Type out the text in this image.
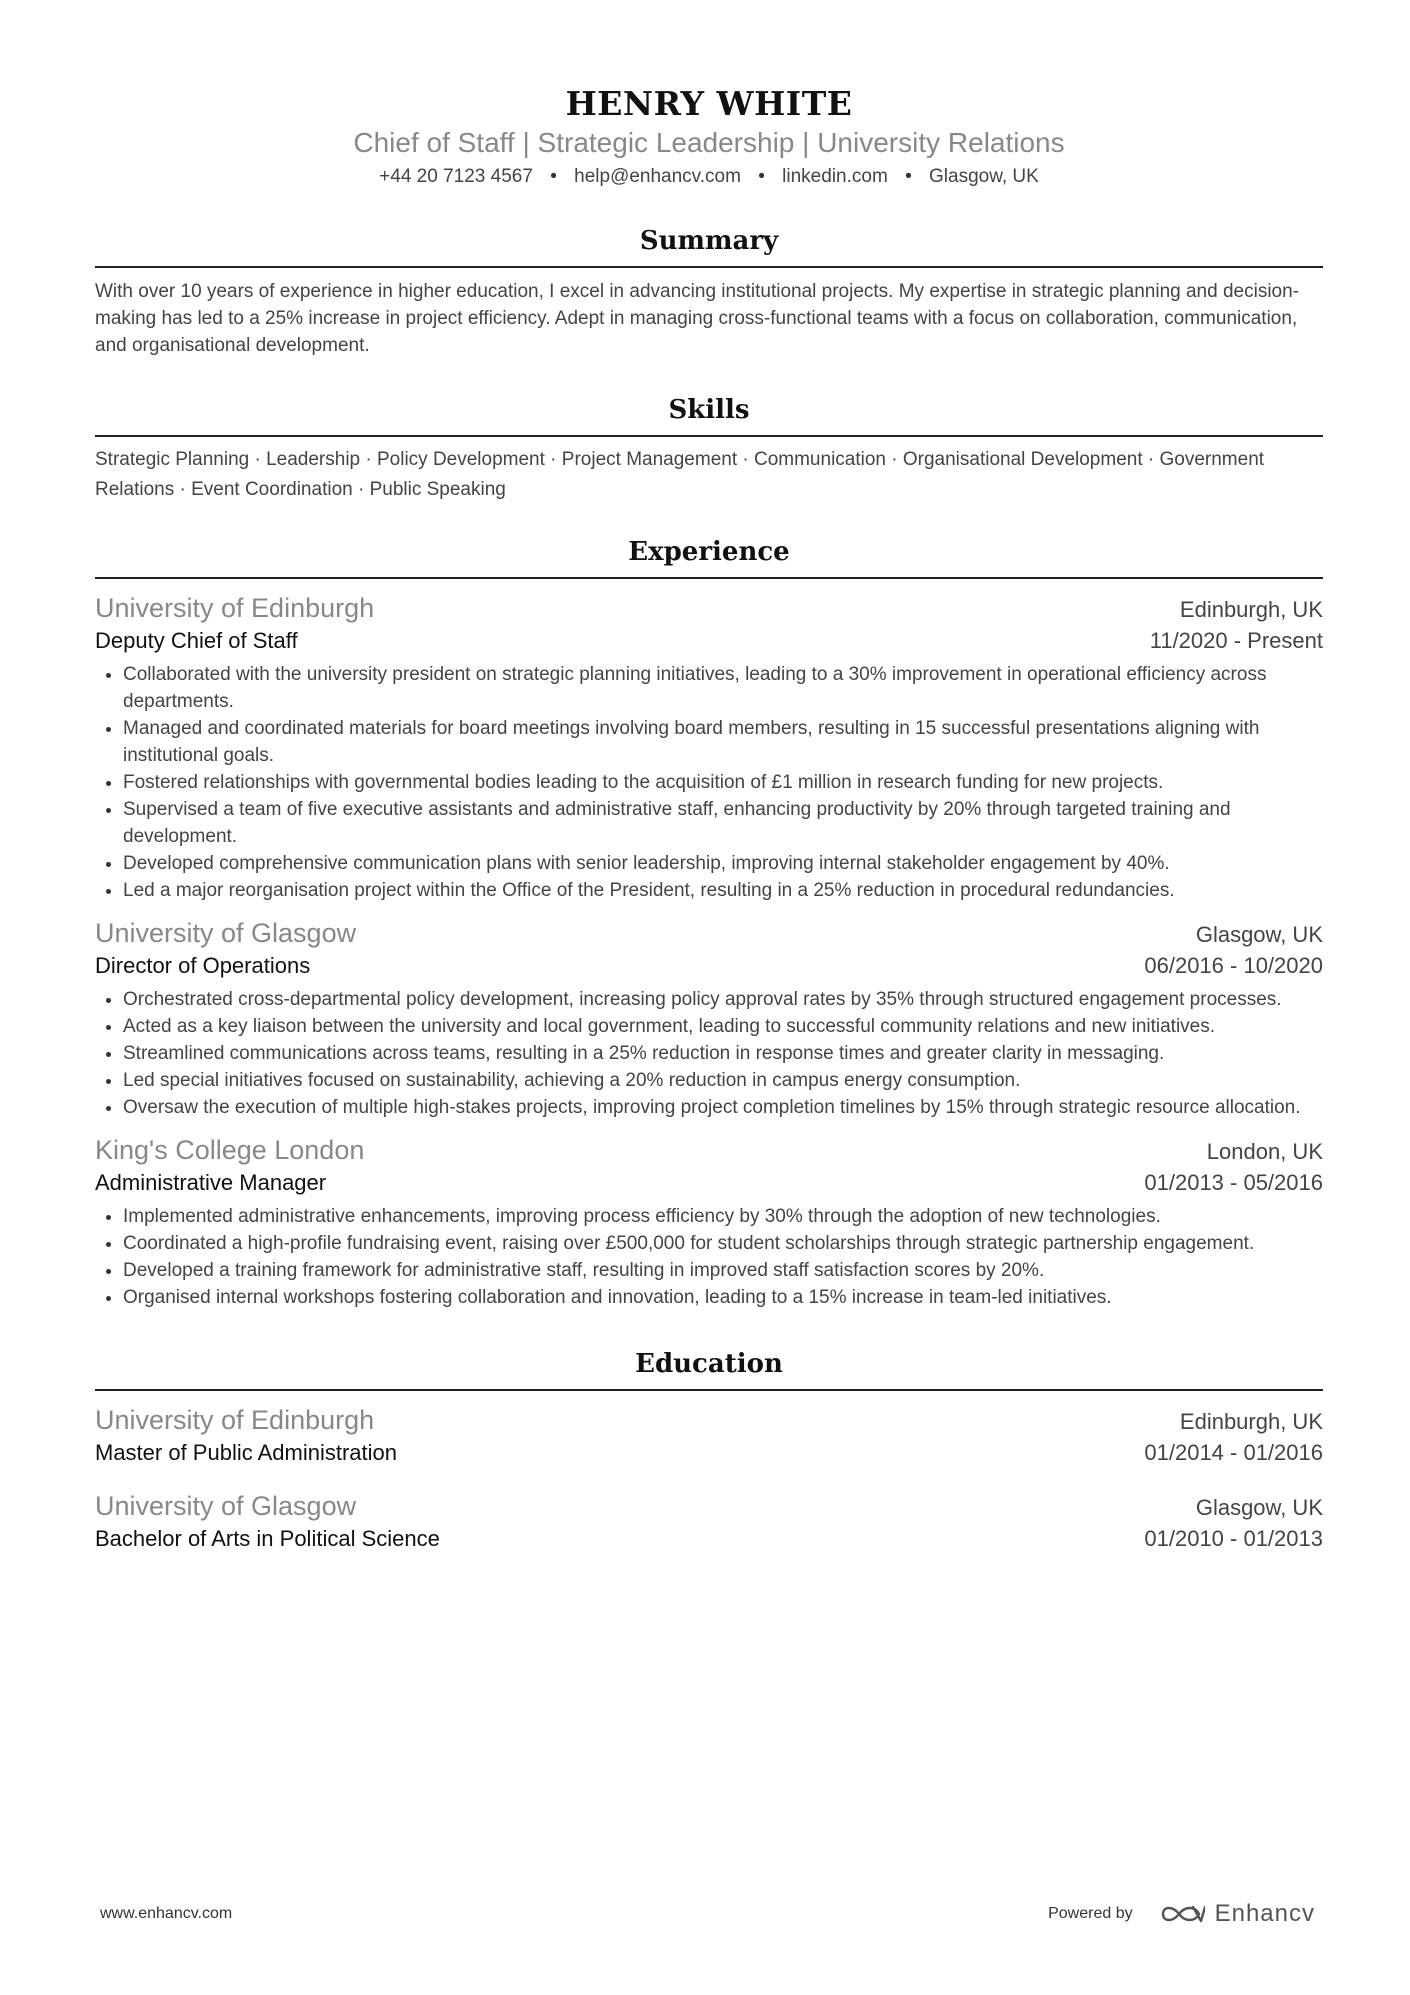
HENRY WHITE
Chief of Staff | Strategic Leadership | University Relations
+44 20 7123 4567 • help@enhancv.com • linkedin.com • Glasgow, UK
Summary
With over 10 years of experience in higher education, I excel in advancing institutional projects. My expertise in strategic planning and decision-making has led to a 25% increase in project efficiency. Adept in managing cross-functional teams with a focus on collaboration, communication, and organisational development.
Skills
Strategic Planning · Leadership · Policy Development · Project Management · Communication · Organisational Development · Government Relations · Event Coordination · Public Speaking
Experience
University of Edinburgh	Edinburgh, UK
Deputy Chief of Staff	11/2020 - Present
• Collaborated with the university president on strategic planning initiatives, leading to a 30% improvement in operational efficiency across departments.
• Managed and coordinated materials for board meetings involving board members, resulting in 15 successful presentations aligning with institutional goals.
• Fostered relationships with governmental bodies leading to the acquisition of £1 million in research funding for new projects.
• Supervised a team of five executive assistants and administrative staff, enhancing productivity by 20% through targeted training and development.
• Developed comprehensive communication plans with senior leadership, improving internal stakeholder engagement by 40%.
• Led a major reorganisation project within the Office of the President, resulting in a 25% reduction in procedural redundancies.
University of Glasgow	Glasgow, UK
Director of Operations	06/2016 - 10/2020
• Orchestrated cross-departmental policy development, increasing policy approval rates by 35% through structured engagement processes.
• Acted as a key liaison between the university and local government, leading to successful community relations and new initiatives.
• Streamlined communications across teams, resulting in a 25% reduction in response times and greater clarity in messaging.
• Led special initiatives focused on sustainability, achieving a 20% reduction in campus energy consumption.
• Oversaw the execution of multiple high-stakes projects, improving project completion timelines by 15% through strategic resource allocation.
King's College London	London, UK
Administrative Manager	01/2013 - 05/2016
• Implemented administrative enhancements, improving process efficiency by 30% through the adoption of new technologies.
• Coordinated a high-profile fundraising event, raising over £500,000 for student scholarships through strategic partnership engagement.
• Developed a training framework for administrative staff, resulting in improved staff satisfaction scores by 20%.
• Organised internal workshops fostering collaboration and innovation, leading to a 15% increase in team-led initiatives.
Education
University of Edinburgh	Edinburgh, UK
Master of Public Administration	01/2014 - 01/2016
University of Glasgow	Glasgow, UK
Bachelor of Arts in Political Science	01/2010 - 01/2013
www.enhancv.com	Powered by	Enhancv
